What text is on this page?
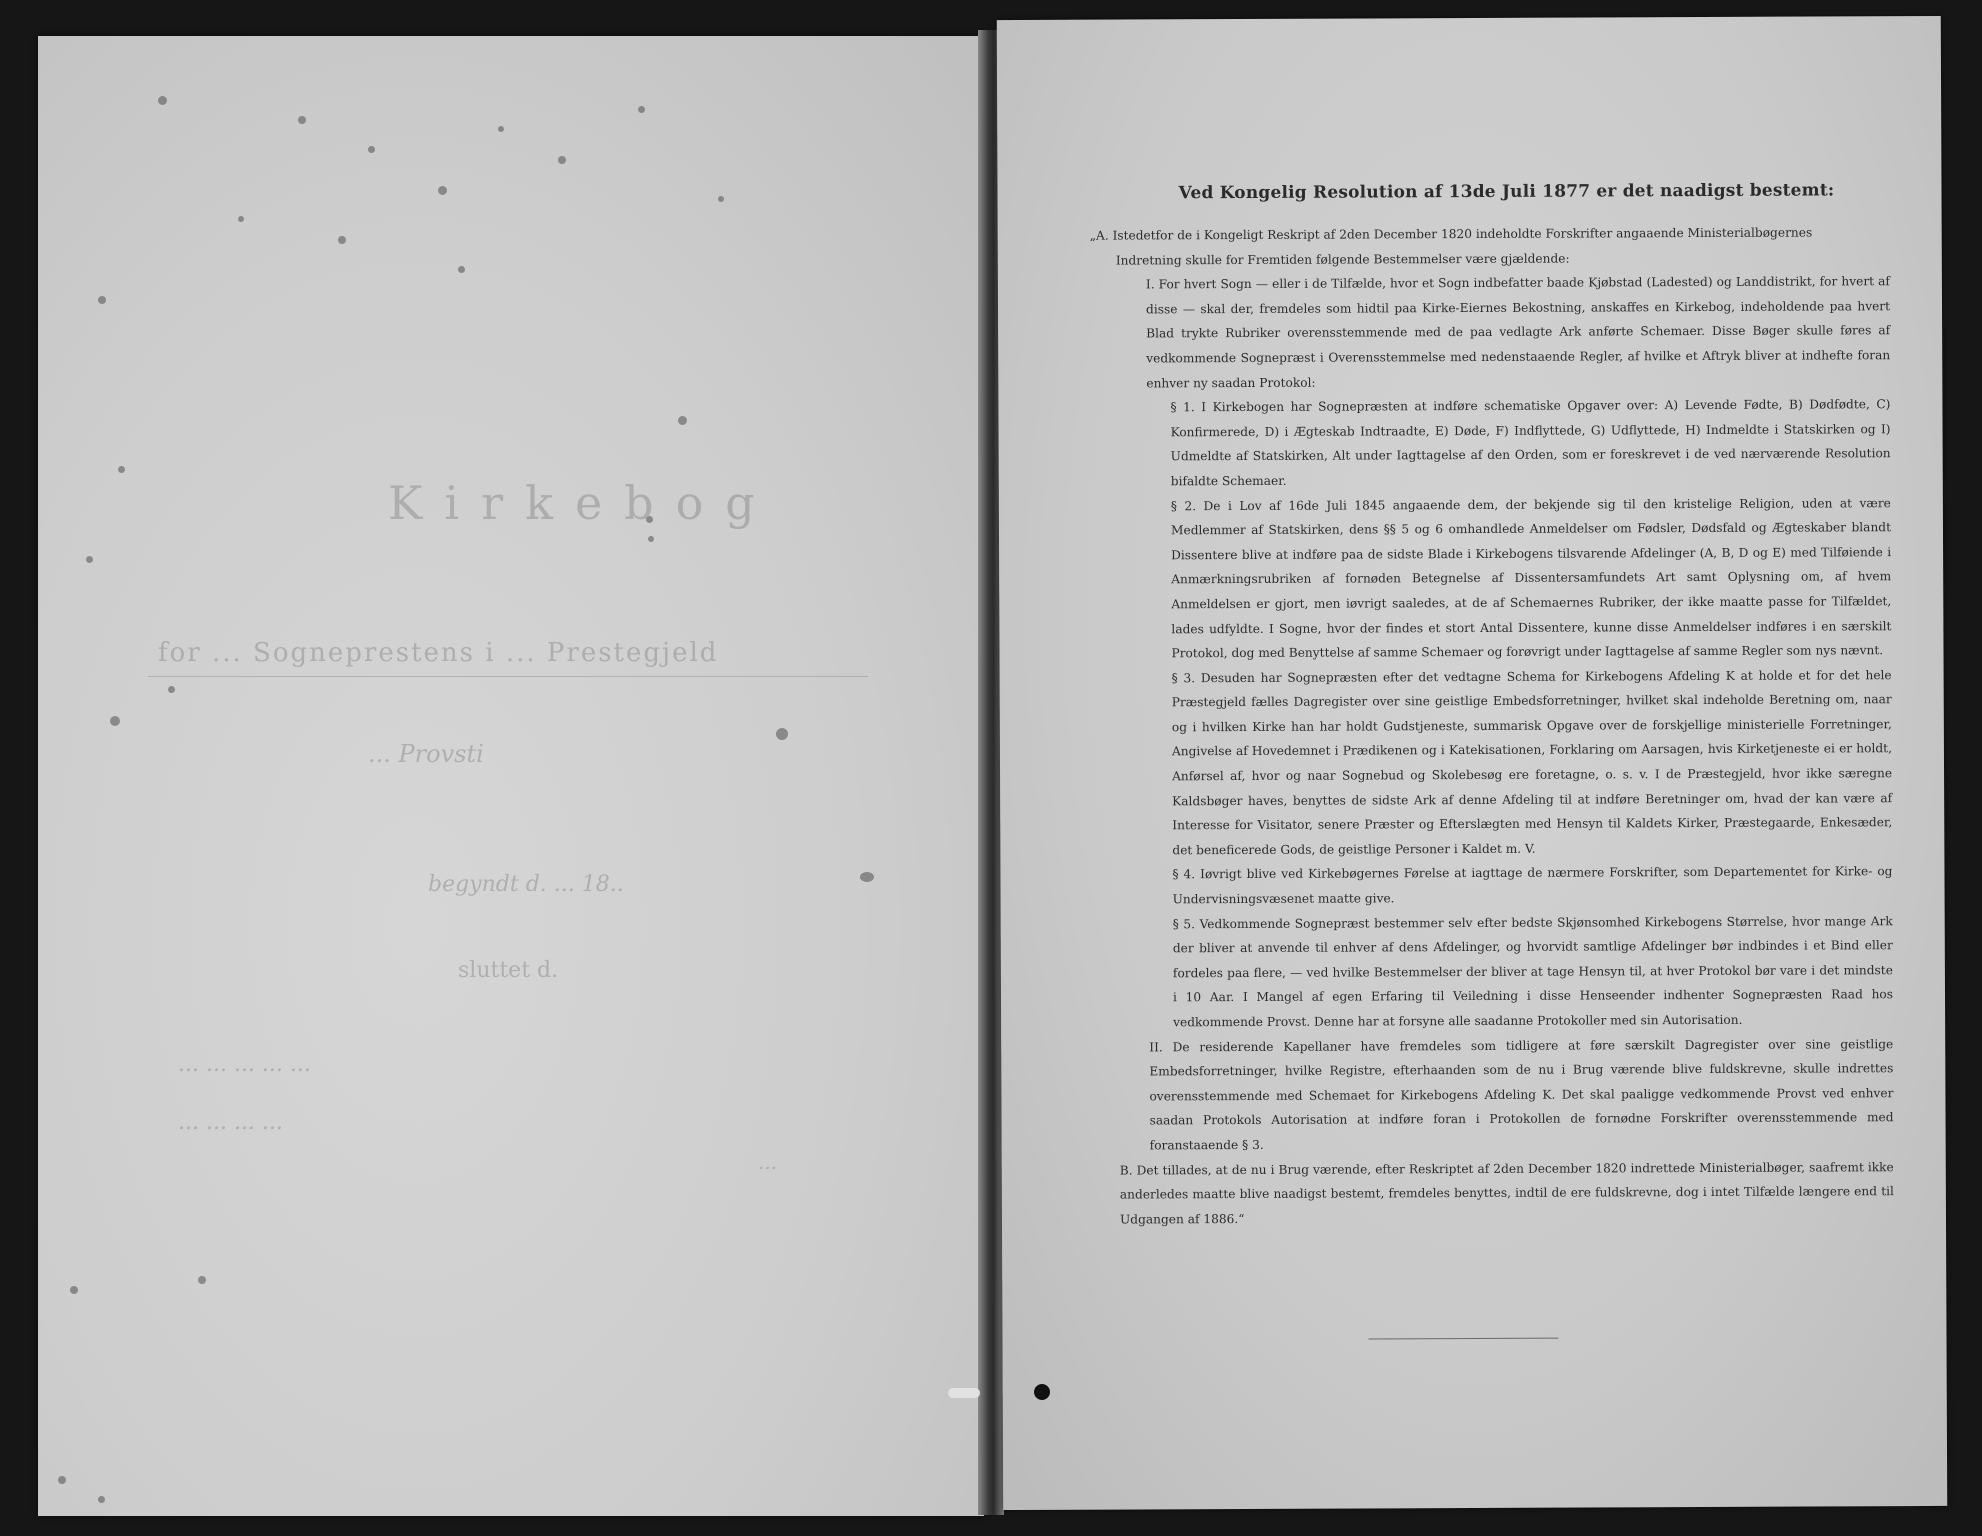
Kirkebog
for ... Sogneprestens i ... Prestegjeld
... Provsti
begyndt d. ... 18..
sluttet d.
... ... ... ... ...
... ... ... ...
...
Ved Kongelig Resolution af 13de Juli 1877 er det naadigst bestemt:

„A. Istedetfor de i Kongeligt Reskript af 2den December 1820 indeholdte Forskrifter angaaende Ministerialbøgernes

Indretning skulle for Fremtiden følgende Bestemmelser være gjældende:

I. For hvert Sogn — eller i de Tilfælde, hvor et Sogn indbefatter baade Kjøbstad (Ladested) og Landdistrikt, for hvert af disse — skal der, fremdeles som hidtil paa Kirke-Eiernes Bekostning, anskaffes en Kirkebog, indeholdende paa hvert Blad trykte Rubriker overensstemmende med de paa vedlagte Ark anførte Schemaer. Disse Bøger skulle føres af vedkommende Sognepræst i Overensstemmelse med nedenstaaende Regler, af hvilke et Aftryk bliver at indhefte foran enhver ny saadan Protokol:

§ 1. I Kirkebogen har Sognepræsten at indføre schematiske Opgaver over: A) Levende Fødte, B) Dødfødte, C) Konfirmerede, D) i Ægteskab Indtraadte, E) Døde, F) Indflyttede, G) Udflyttede, H) Indmeldte i Statskirken og I) Udmeldte af Statskirken, Alt under Iagttagelse af den Orden, som er foreskrevet i de ved nærværende Resolution bifaldte Schemaer.

§ 2. De i Lov af 16de Juli 1845 angaaende dem, der bekjende sig til den kristelige Religion, uden at være Medlemmer af Statskirken, dens §§ 5 og 6 omhandlede Anmeldelser om Fødsler, Dødsfald og Ægteskaber blandt Dissentere blive at indføre paa de sidste Blade i Kirkebogens tilsvarende Afdelinger (A, B, D og E) med Tilføiende i Anmærkningsrubriken af fornøden Betegnelse af Dissentersamfundets Art samt Oplysning om, af hvem Anmeldelsen er gjort, men iøvrigt saaledes, at de af Schemaernes Rubriker, der ikke maatte passe for Tilfældet, lades udfyldte. I Sogne, hvor der findes et stort Antal Dissentere, kunne disse Anmeldelser indføres i en særskilt Protokol, dog med Benyttelse af samme Schemaer og forøvrigt under Iagttagelse af samme Regler som nys nævnt.

§ 3. Desuden har Sognepræsten efter det vedtagne Schema for Kirkebogens Afdeling K at holde et for det hele Præstegjeld fælles Dagregister over sine geistlige Embedsforretninger, hvilket skal indeholde Beretning om, naar og i hvilken Kirke han har holdt Gudstjeneste, summarisk Opgave over de forskjellige ministerielle Forretninger, Angivelse af Hovedemnet i Prædikenen og i Katekisationen, Forklaring om Aarsagen, hvis Kirketjeneste ei er holdt, Anførsel af, hvor og naar Sognebud og Skolebesøg ere foretagne, o. s. v. I de Præstegjeld, hvor ikke særegne Kaldsbøger haves, benyttes de sidste Ark af denne Afdeling til at indføre Beretninger om, hvad der kan være af Interesse for Visitator, senere Præster og Efterslægten med Hensyn til Kaldets Kirker, Præstegaarde, Enkesæder, det beneficerede Gods, de geistlige Personer i Kaldet m. V.

§ 4. Iøvrigt blive ved Kirkebøgernes Førelse at iagttage de nærmere Forskrifter, som Departementet for Kirke- og Undervisningsvæsenet maatte give.

§ 5. Vedkommende Sognepræst bestemmer selv efter bedste Skjønsomhed Kirkebogens Størrelse, hvor mange Ark der bliver at anvende til enhver af dens Afdelinger, og hvorvidt samtlige Afdelinger bør indbindes i et Bind eller fordeles paa flere, — ved hvilke Bestemmelser der bliver at tage Hensyn til, at hver Protokol bør vare i det mindste i 10 Aar. I Mangel af egen Erfaring til Veiledning i disse Henseender indhenter Sognepræsten Raad hos vedkommende Provst. Denne har at forsyne alle saadanne Protokoller med sin Autorisation.

II. De residerende Kapellaner have fremdeles som tidligere at føre særskilt Dagregister over sine geistlige Embedsforretninger, hvilke Registre, efterhaanden som de nu i Brug værende blive fuldskrevne, skulle indrettes overensstemmende med Schemaet for Kirkebogens Afdeling K. Det skal paaligge vedkommende Provst ved enhver saadan Protokols Autorisation at indføre foran i Protokollen de fornødne Forskrifter overensstemmende med foranstaaende § 3.

B. Det tillades, at de nu i Brug værende, efter Reskriptet af 2den December 1820 indrettede Ministerialbøger, saafremt ikke anderledes maatte blive naadigst bestemt, fremdeles benyttes, indtil de ere fuldskrevne, dog i intet Tilfælde længere end til Udgangen af 1886.“
